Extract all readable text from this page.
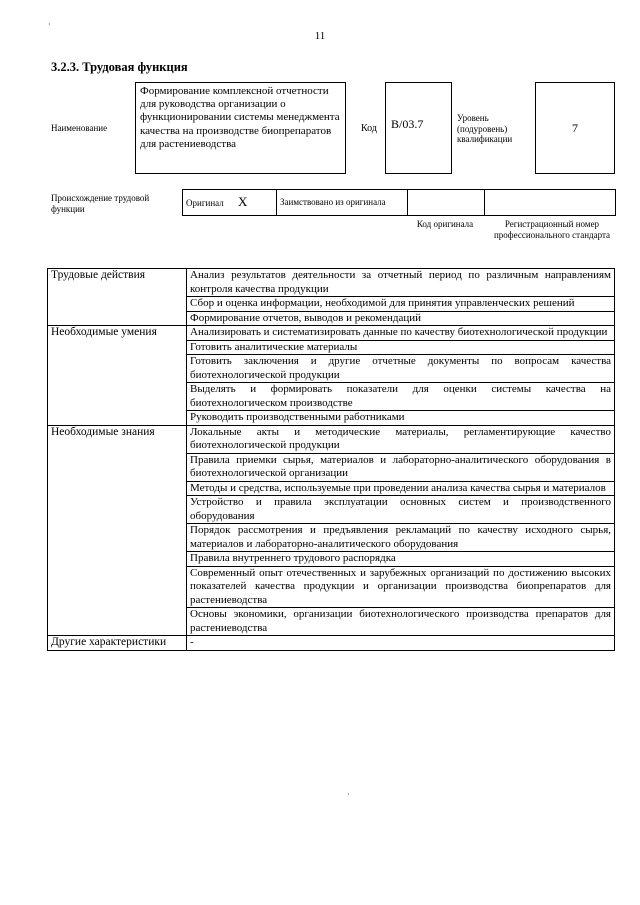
11
3.2.3. Трудовая функция
Наименование
Формирование комплексной отчетности для руководства организации о функционировании системы менеджмента качества на производстве биопрепаратов для растениеводства
Код	B/03.7	Уровень (подуровень) квалификации
7
Происхождение трудовой функции
Оригинал X	Заимствовано из оригинала		
Код оригинала	Регистрационный номер профессионального стандарта
Трудовые действия	Анализ результатов деятельности за отчетный период по различным направлениям контроля качества продукции
	Сбор и оценка информации, необходимой для принятия управленческих решений
	Формирование отчетов, выводов и рекомендаций
Необходимые умения	Анализировать и систематизировать данные по качеству биотехнологической продукции
	Готовить аналитические материалы
	Готовить заключения и другие отчетные документы по вопросам качества биотехнологической продукции
	Выделять и формировать показатели для оценки системы качества на биотехнологическом производстве
	Руководить производственными работниками
Необходимые знания	Локальные акты и методические материалы, регламентирующие качество биотехнологической продукции
	Правила приемки сырья, материалов и лабораторно-аналитического оборудования в биотехнологической организации
	Методы и средства, используемые при проведении анализа качества сырья и материалов
	Устройство и правила эксплуатации основных систем и производственного оборудования
	Порядок рассмотрения и предъявления рекламаций по качеству исходного сырья, материалов и лабораторно-аналитического оборудования
	Правила внутреннего трудового распорядка
	Современный опыт отечественных и зарубежных организаций по достижению высоких показателей качества продукции и организации производства биопрепаратов для растениеводства
	Основы экономики, организации биотехнологического производства препаратов для растениеводства
Другие характеристики	-
·
·
